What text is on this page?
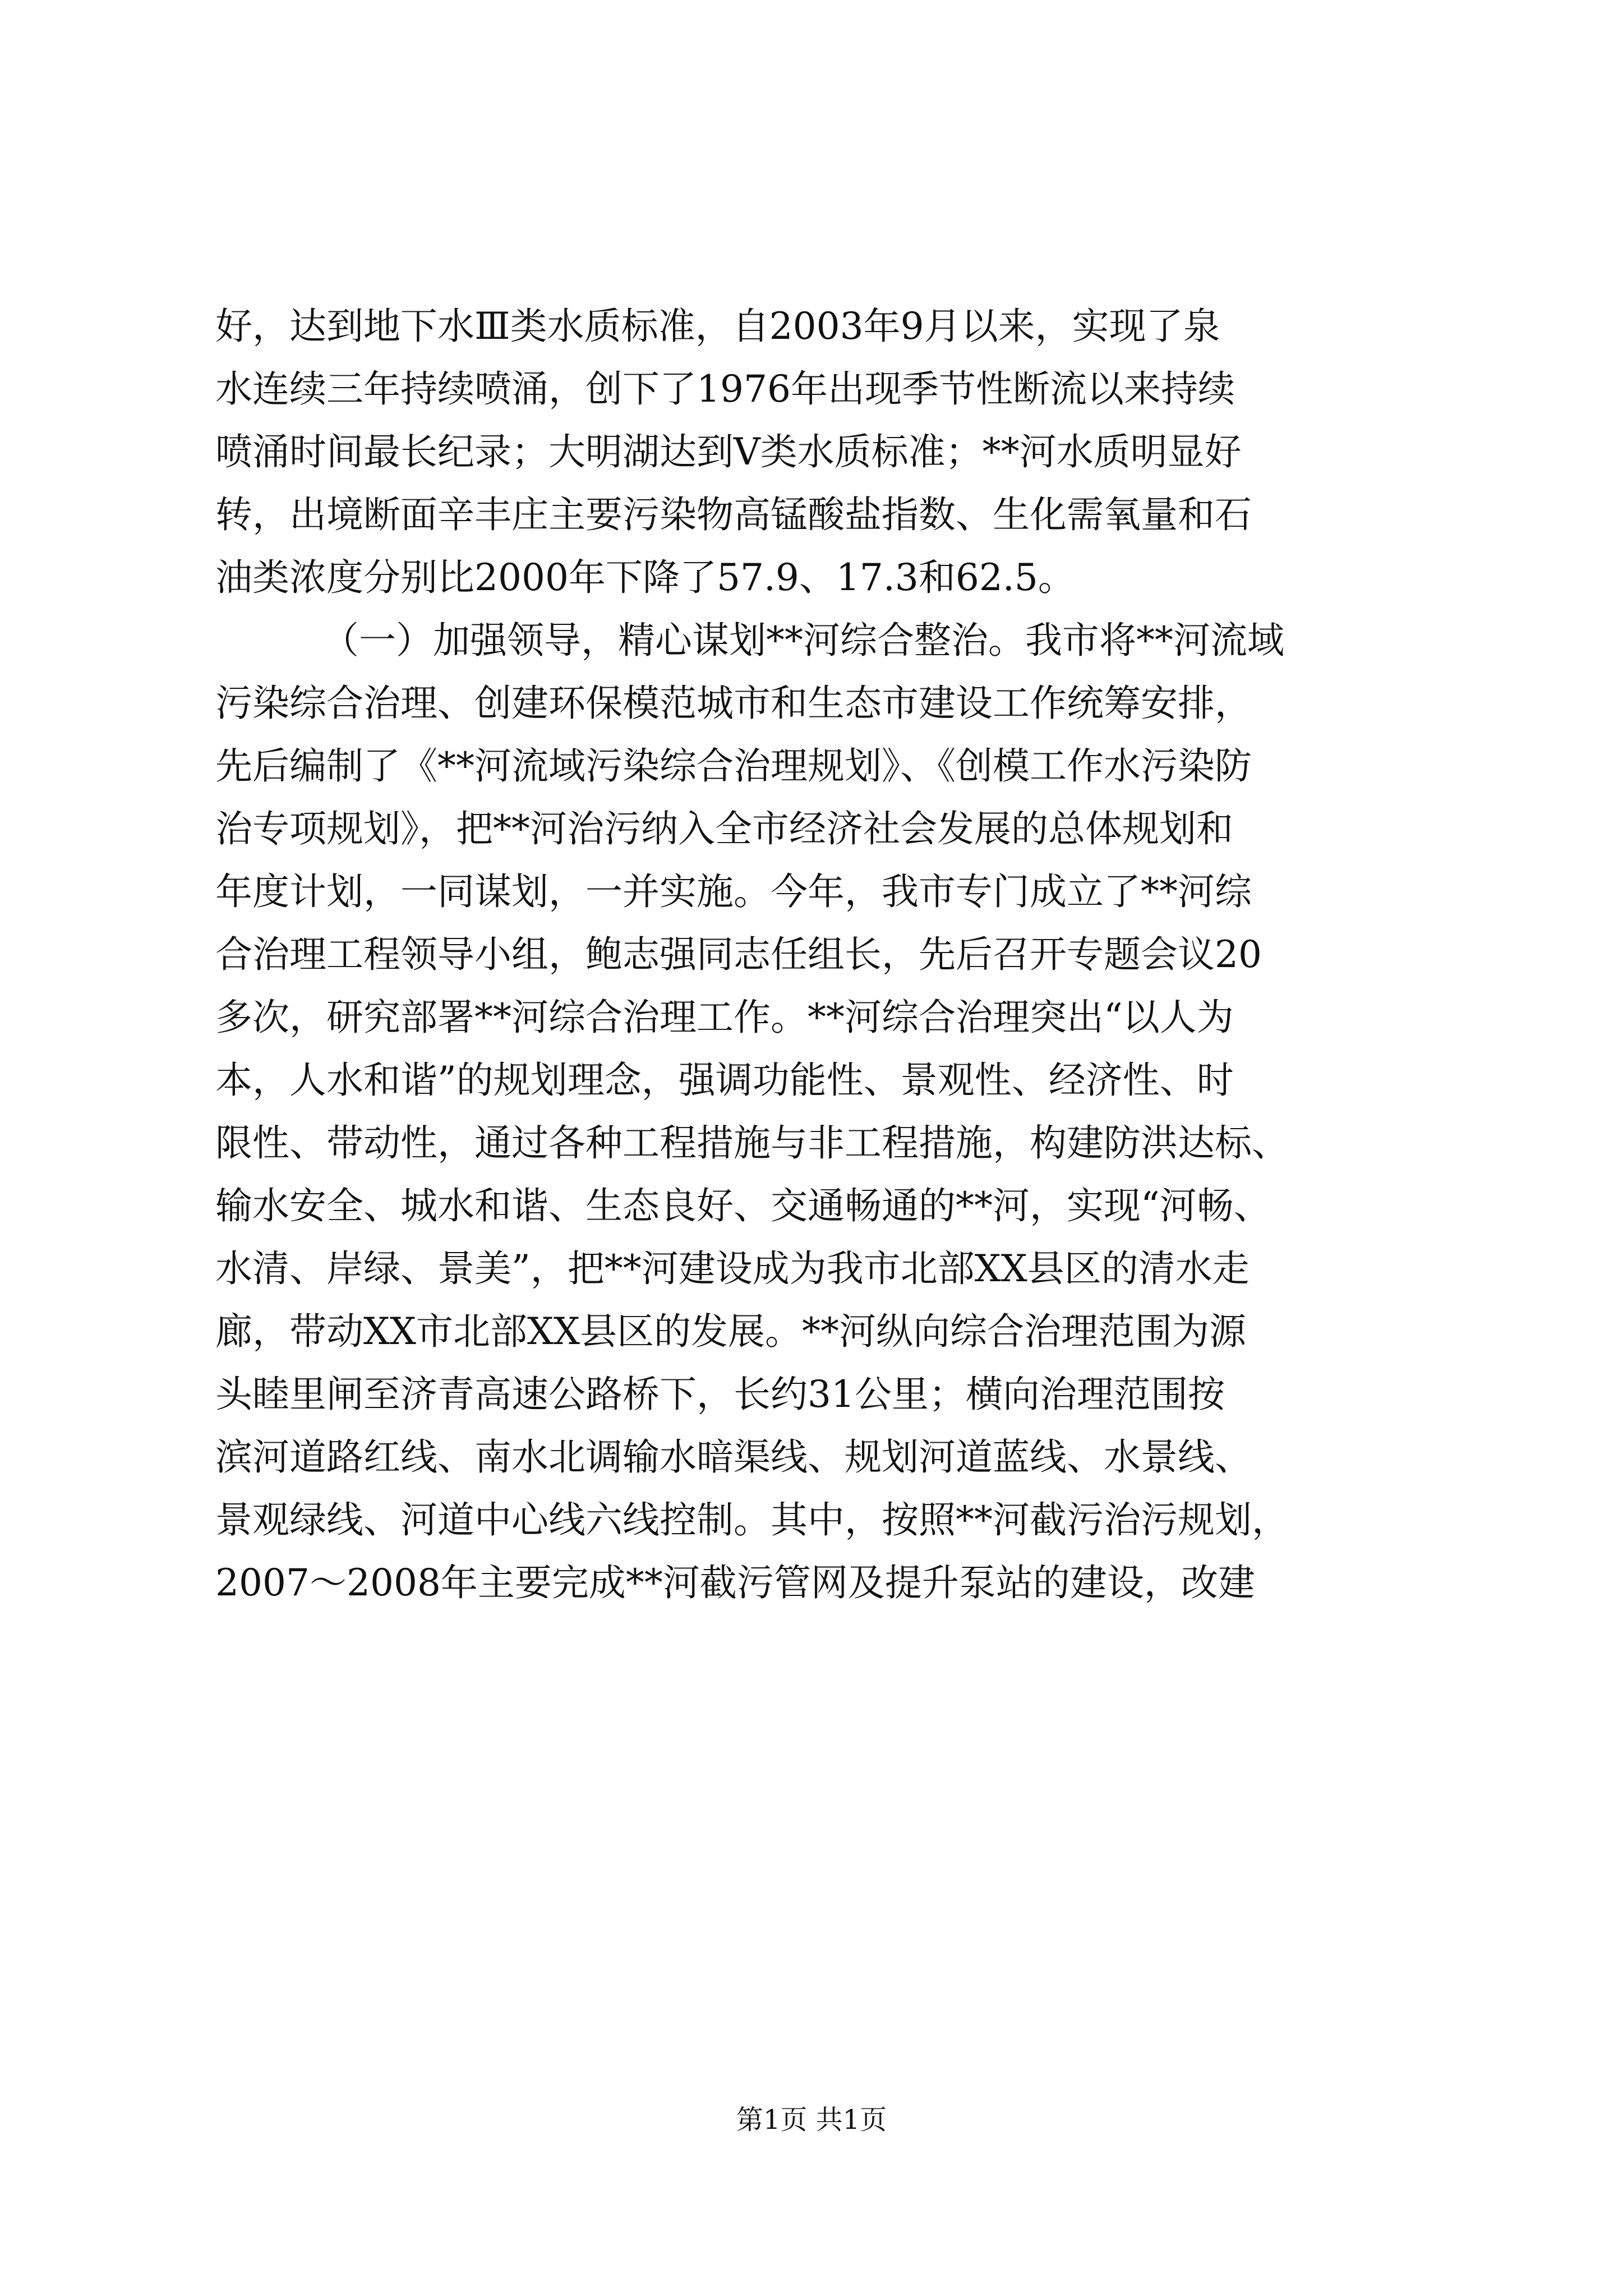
好，达到地下水Ⅲ类水质标准，自2003年9月以来，实现了泉
水连续三年持续喷涌，创下了1976年出现季节性断流以来持续
喷涌时间最长纪录；大明湖达到Ⅴ类水质标准；**河水质明显好
转，出境断面辛丰庄主要污染物高锰酸盐指数、生化需氧量和石
油类浓度分别比2000年下降了57.9、17.3和62.5。
（一）加强领导，精心谋划**河综合整治。我市将**河流域
污染综合治理、创建环保模范城市和生态市建设工作统筹安排，
先后编制了《**河流域污染综合治理规划》、《创模工作水污染防
治专项规划》，把**河治污纳入全市经济社会发展的总体规划和
年度计划，一同谋划，一并实施。今年，我市专门成立了**河综
合治理工程领导小组，鲍志强同志任组长，先后召开专题会议20
多次，研究部署**河综合治理工作。**河综合治理突出“以人为
本，人水和谐”的规划理念，强调功能性、景观性、经济性、时
限性、带动性，通过各种工程措施与非工程措施，构建防洪达标、
输水安全、城水和谐、生态良好、交通畅通的**河，实现“河畅、
水清、岸绿、景美”，把**河建设成为我市北部XX县区的清水走
廊，带动XX市北部XX县区的发展。**河纵向综合治理范围为源
头睦里闸至济青高速公路桥下，长约31公里；横向治理范围按
滨河道路红线、南水北调输水暗渠线、规划河道蓝线、水景线、
景观绿线、河道中心线六线控制。其中，按照**河截污治污规划，
2007～2008年主要完成**河截污管网及提升泵站的建设，改建
第1页 共1页
